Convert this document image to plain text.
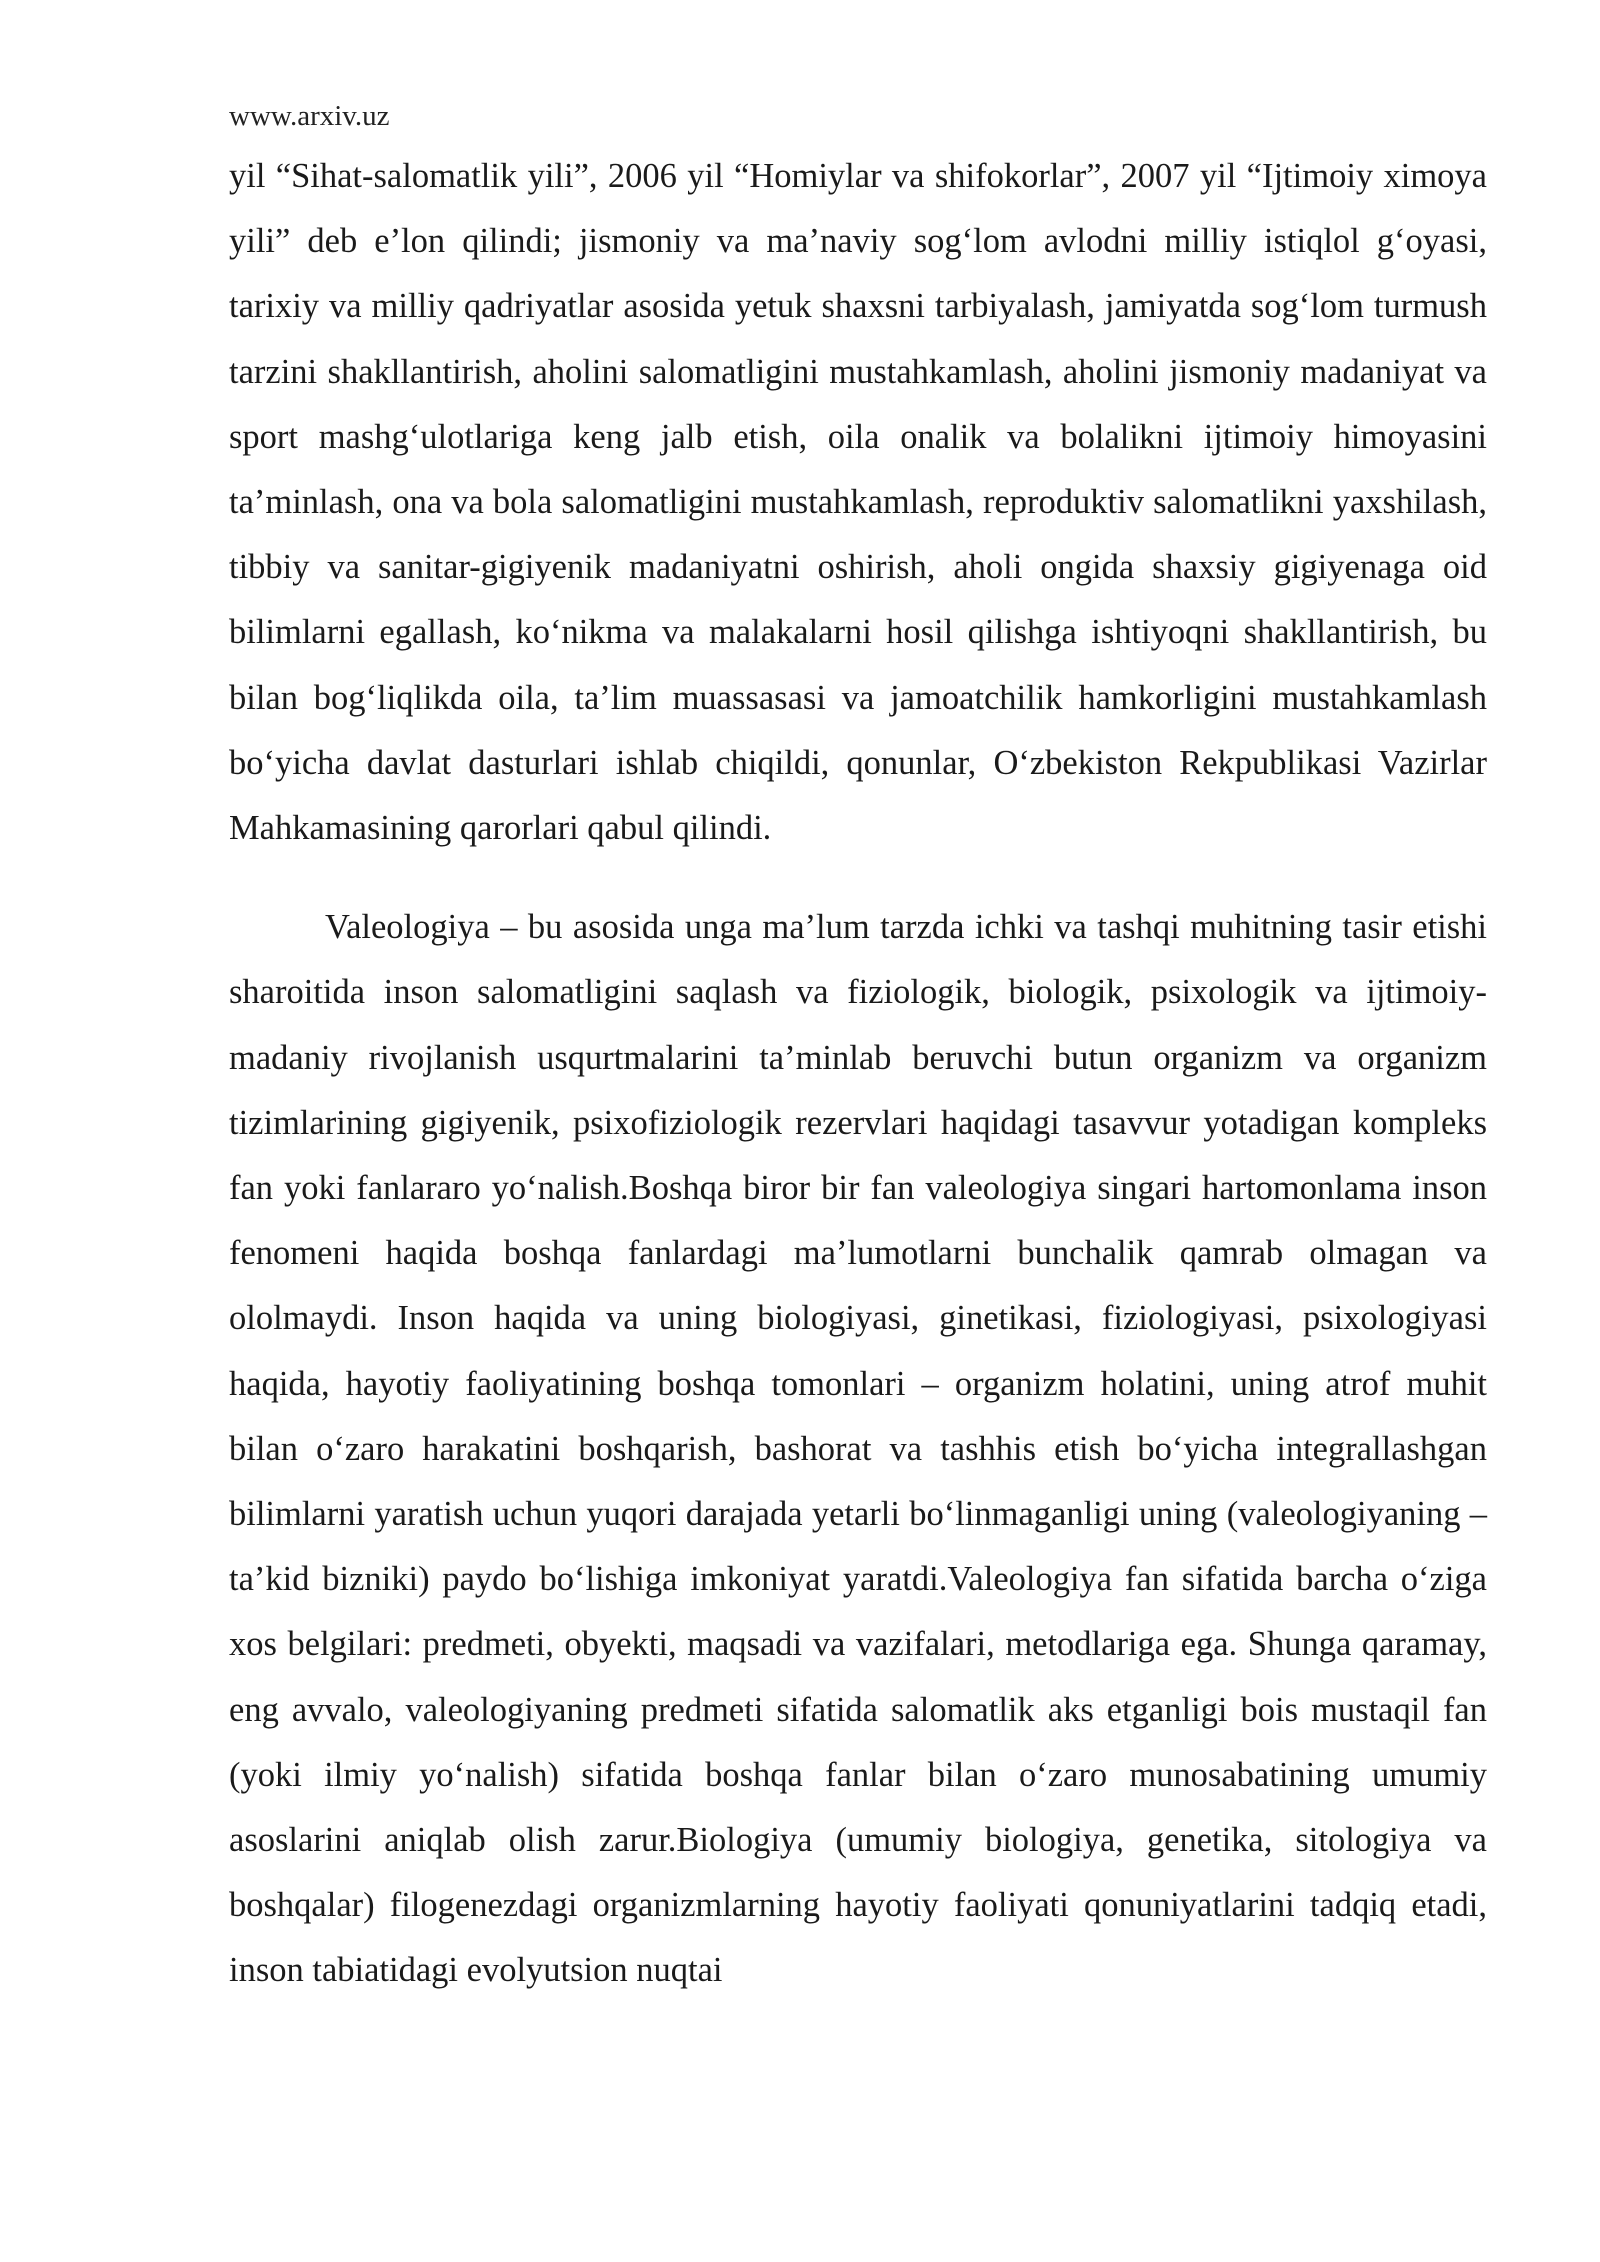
www.arxiv.uz

yil “Sihat-salomatlik yili”, 2006 yil “Homiylar va shifokorlar”, 2007 yil “Ijtimoiy ximoya yili” deb e’lon qilindi; jismoniy va ma’naviy sog‘lom avlodni milliy istiqlol g‘oyasi, tarixiy va milliy qadriyatlar asosida yetuk shaxsni tarbiyalash, jamiyatda sog‘lom turmush tarzini shakllantirish, aholini salomatligini mustahkamlash, aholini jismoniy madaniyat va sport mashg‘ulotlariga keng jalb etish, oila onalik va bolalikni ijtimoiy himoyasini ta’minlash, ona va bola salomatligini mustahkamlash, reproduktiv salomatlikni yaxshilash, tibbiy va sanitar-gigiyenik madaniyatni oshirish, aholi ongida shaxsiy gigiyenaga oid bilimlarni egallash, ko‘nikma va malakalarni hosil qilishga ishtiyoqni shakllantirish, bu bilan bog‘liqlikda oila, ta’lim muassasasi va jamoatchilik hamkorligini mustahkamlash bo‘yicha davlat dasturlari ishlab chiqildi, qonunlar, O‘zbekiston Rekpublikasi Vazirlar Mahkamasining qarorlari qabul qilindi.

Valeologiya – bu asosida unga ma’lum tarzda ichki va tashqi muhitning tasir etishi sharoitida inson salomatligini saqlash va fiziologik, biologik, psixologik va ijtimoiy-madaniy rivojlanish usqurtmalarini ta’minlab beruvchi butun organizm va organizm tizimlarining gigiyenik, psixofiziologik rezervlari haqidagi tasavvur yotadigan kompleks fan yoki fanlararo yo‘nalish.Boshqa biror bir fan valeologiya singari hartomonlama inson fenomeni haqida boshqa fanlardagi ma’lumotlarni bunchalik qamrab olmagan va ololmaydi. Inson haqida va uning biologiyasi, ginetikasi, fiziologiyasi, psixologiyasi haqida, hayotiy faoliyatining boshqa tomonlari – organizm holatini, uning atrof muhit bilan o‘zaro harakatini boshqarish, bashorat va tashhis etish bo‘yicha integrallashgan bilimlarni yaratish uchun yuqori darajada yetarli bo‘linmaganligi uning (valeologiyaning – ta’kid bizniki) paydo bo‘lishiga imkoniyat yaratdi.Valeologiya fan sifatida barcha o‘ziga xos belgilari: predmeti, obyekti, maqsadi va vazifalari, metodlariga ega. Shunga qaramay, eng avvalo, valeologiyaning predmeti sifatida salomatlik aks etganligi bois mustaqil fan (yoki ilmiy yo‘nalish) sifatida boshqa fanlar bilan o‘zaro munosabatining umumiy asoslarini aniqlab olish zarur.Biologiya (umumiy biologiya, genetika, sitologiya va boshqalar) filogenezdagi organizmlarning hayotiy faoliyati qonuniyatlarini tadqiq etadi, inson tabiatidagi evolyutsion nuqtai
